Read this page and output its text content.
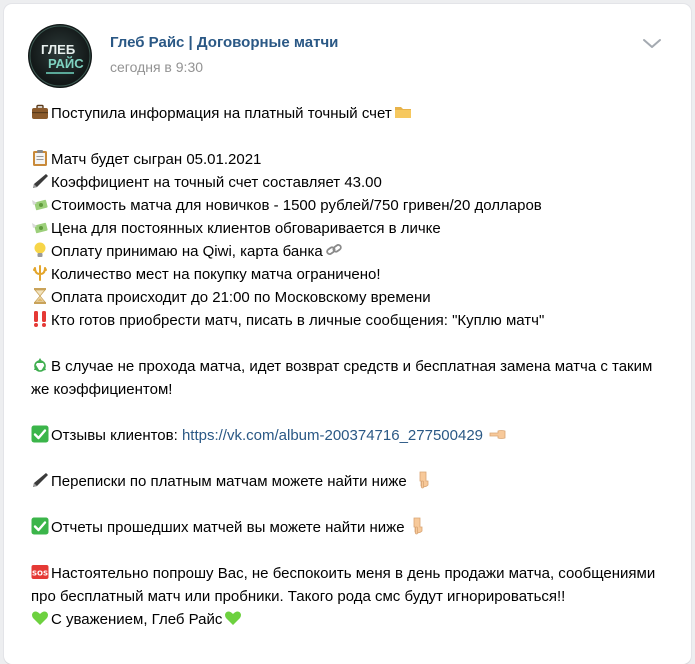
ГЛЕБ
РАЙС
Глеб Райс | Договорные матчи
сегодня в 9:30
Поступила информация на платный точный счет
Матч будет сыгран 05.01.2021
Коэффициент на точный счет составляет 43.00
Стоимость матча для новичков - 1500 рублей/750 гривен/20 долларов
Цена для постоянных клиентов обговаривается в личке
Оплату принимаю на Qiwi, карта банка
Количество мест на покупку матча ограничено!
Оплата происходит до 21:00 по Московскому времени
Кто готов приобрести матч, писать в личные сообщения: "Куплю матч"
В случае не прохода матча, идет возврат средств и бесплатная замена матча с таким же коэффициентом!
Отзывы клиентов: https://vk.com/album-200374716_277500429
Переписки по платным матчам можете найти ниже
Отчеты прошедших матчей вы можете найти ниже
SOS Настоятельно попрошу Вас, не беспокоить меня в день продажи матча, сообщениями про бесплатный матч или пробники. Такого рода смс будут игнорироваться!!
С уважением, Глеб Райс
